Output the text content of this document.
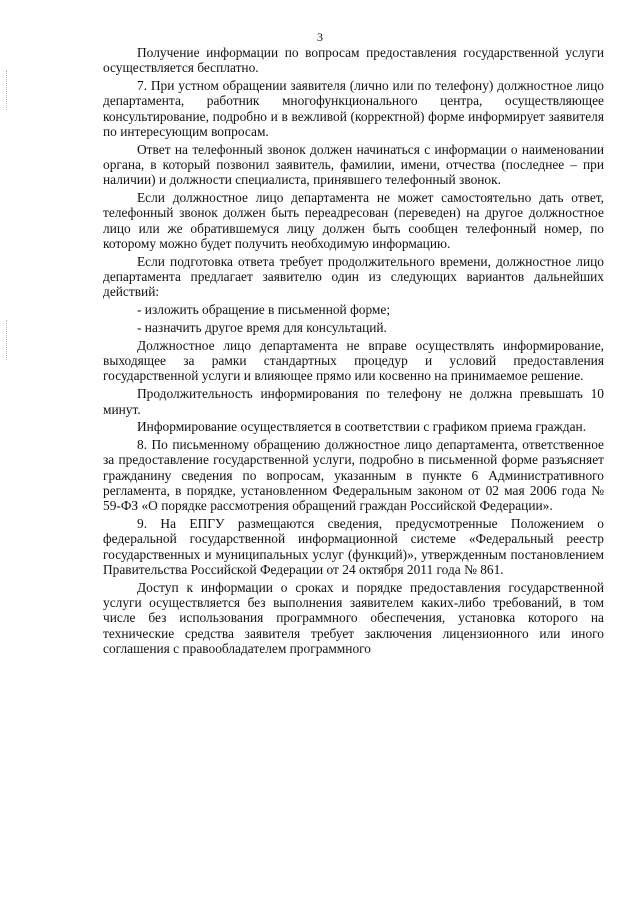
3

Получение информации по вопросам предоставления государственной услуги осуществляется бесплатно.

7. При устном обращении заявителя (лично или по телефону) должностное лицо департамента, работник многофункционального центра, осуществляющее консультирование, подробно и в вежливой (корректной) форме информирует заявителя по интересующим вопросам.

Ответ на телефонный звонок должен начинаться с информации о наименовании органа, в который позвонил заявитель, фамилии, имени, отчества (последнее – при наличии) и должности специалиста, принявшего телефонный звонок.

Если должностное лицо департамента не может самостоятельно дать ответ, телефонный звонок должен быть переадресован (переведен) на другое должностное лицо или же обратившемуся лицу должен быть сообщен телефонный номер, по которому можно будет получить необходимую информацию.

Если подготовка ответа требует продолжительного времени, должностное лицо департамента предлагает заявителю один из следующих вариантов дальнейших действий:

- изложить обращение в письменной форме;

- назначить другое время для консультаций.

Должностное лицо департамента не вправе осуществлять информирование, выходящее за рамки стандартных процедур и условий предоставления государственной услуги и влияющее прямо или косвенно на принимаемое решение.

Продолжительность информирования по телефону не должна превышать 10 минут.

Информирование осуществляется в соответствии с графиком приема граждан.

8. По письменному обращению должностное лицо департамента, ответственное за предоставление государственной услуги, подробно в письменной форме разъясняет гражданину сведения по вопросам, указанным в пункте 6 Административного регламента, в порядке, установленном Федеральным законом от 02 мая 2006 года № 59-ФЗ «О порядке рассмотрения обращений граждан Российской Федерации».

9. На ЕПГУ размещаются сведения, предусмотренные Положением о федеральной государственной информационной системе «Федеральный реестр государственных и муниципальных услуг (функций)», утвержденным постановлением Правительства Российской Федерации от 24 октября 2011 года № 861.

Доступ к информации о сроках и порядке предоставления государственной услуги осуществляется без выполнения заявителем каких-либо требований, в том числе без использования программного обеспечения, установка которого на технические средства заявителя требует заключения лицензионного или иного соглашения с правообладателем программного
